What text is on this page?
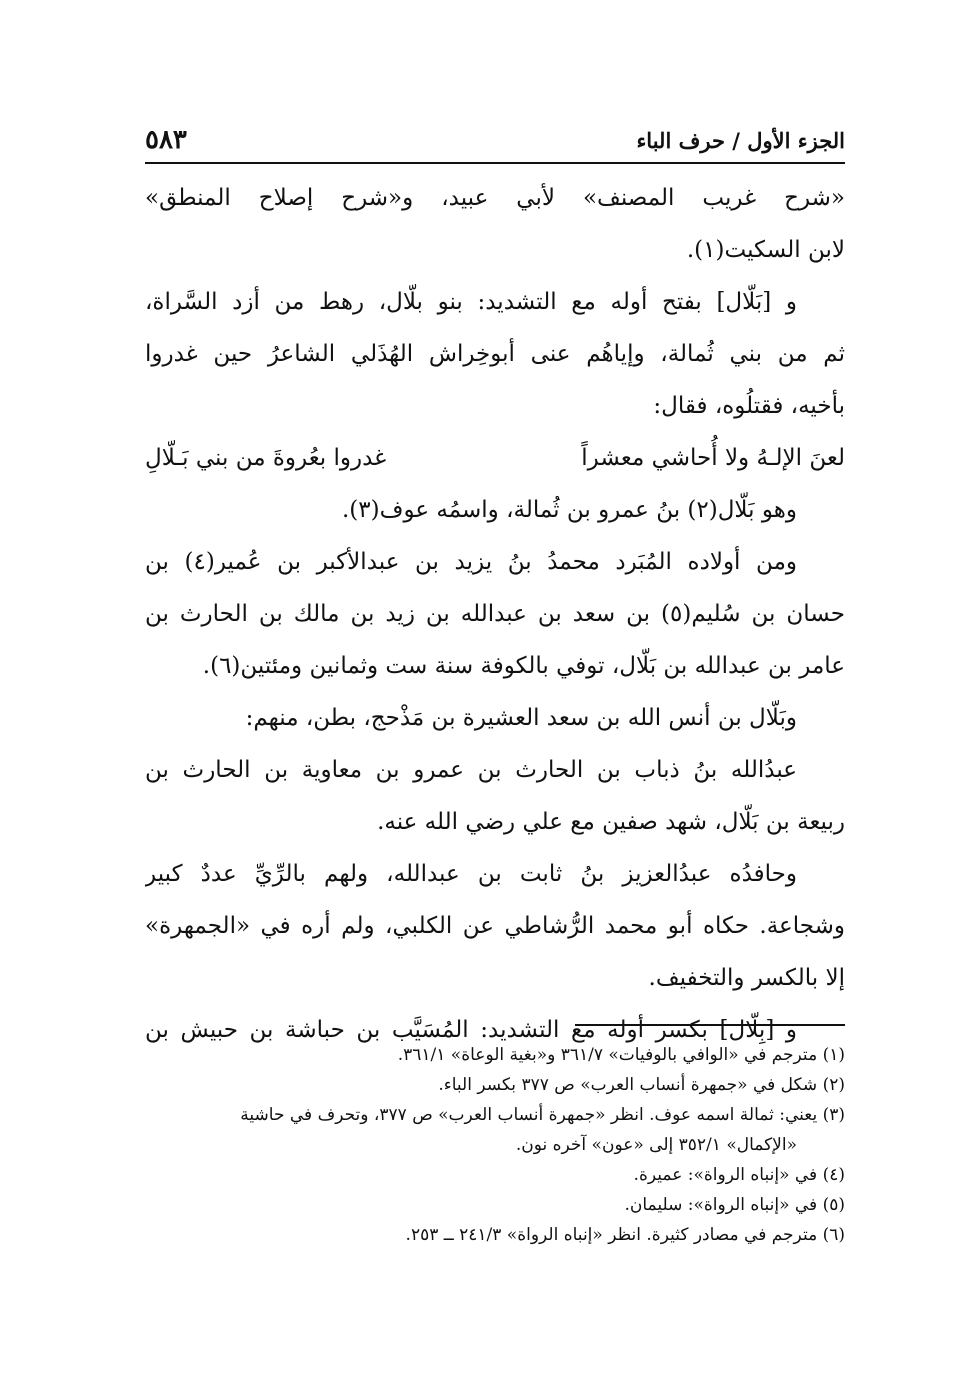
الجزء الأول / حرف الباء
٥٨٣
«شرح غريب المصنف» لأبي عبيد، و«شرح إصلاح المنطق»
لابن السكيت(١).
و [بَلّال] بفتح أوله مع التشديد: بنو بلّال، رهط من أزد السَّراة،
ثم من بني ثُمالة، وإياهُم عنى أبوخِراش الهُذَلي الشاعرُ حين غدروا
بأخيه، فقتلُوه، فقال:
لعنَ الإلـهُ ولا أُحاشي معشراً
غدروا بعُروةَ من بني بَـلّالِ
وهو بَلّال(٢) بنُ عمرو بن ثُمالة، واسمُه عوف(٣).
ومن أولاده المُبَرد محمدُ بنُ يزيد بن عبدالأكبر بن عُمير(٤) بن
حسان بن سُليم(٥) بن سعد بن عبدالله بن زيد بن مالك بن الحارث بن
عامر بن عبدالله بن بَلّال، توفي بالكوفة سنة ست وثمانين ومئتين(٦).
وبَلّال بن أنس الله بن سعد العشيرة بن مَذْحج، بطن، منهم:
عبدُالله بنُ ذباب بن الحارث بن عمرو بن معاوية بن الحارث بن
ربيعة بن بَلّال، شهد صفين مع علي رضي الله عنه.
وحافدُه عبدُالعزيز بنُ ثابت بن عبدالله، ولهم بالرِّيِّ عددٌ كبير
وشجاعة. حكاه أبو محمد الرُّشاطي عن الكلبي، ولم أره في «الجمهرة»
إلا بالكسر والتخفيف.
و [بِلّال] بكسر أوله مع التشديد: المُسَيَّب بن حباشة بن حبيش بن
(١) مترجم في «الوافي بالوفيات» ٣٦١/٧ و«بغية الوعاة» ٣٦١/١.
(٢) شكل في «جمهرة أنساب العرب» ص ٣٧٧ بكسر الباء.
(٣) يعني: ثمالة اسمه عوف. انظر «جمهرة أنساب العرب» ص ٣٧٧، وتحرف في حاشية
«الإكمال» ٣٥٢/١ إلى «عون» آخره نون.
(٤) في «إنباه الرواة»: عميرة.
(٥) في «إنباه الرواة»: سليمان.
(٦) مترجم في مصادر كثيرة. انظر «إنباه الرواة» ٢٤١/٣ ــ ٢٥٣.
